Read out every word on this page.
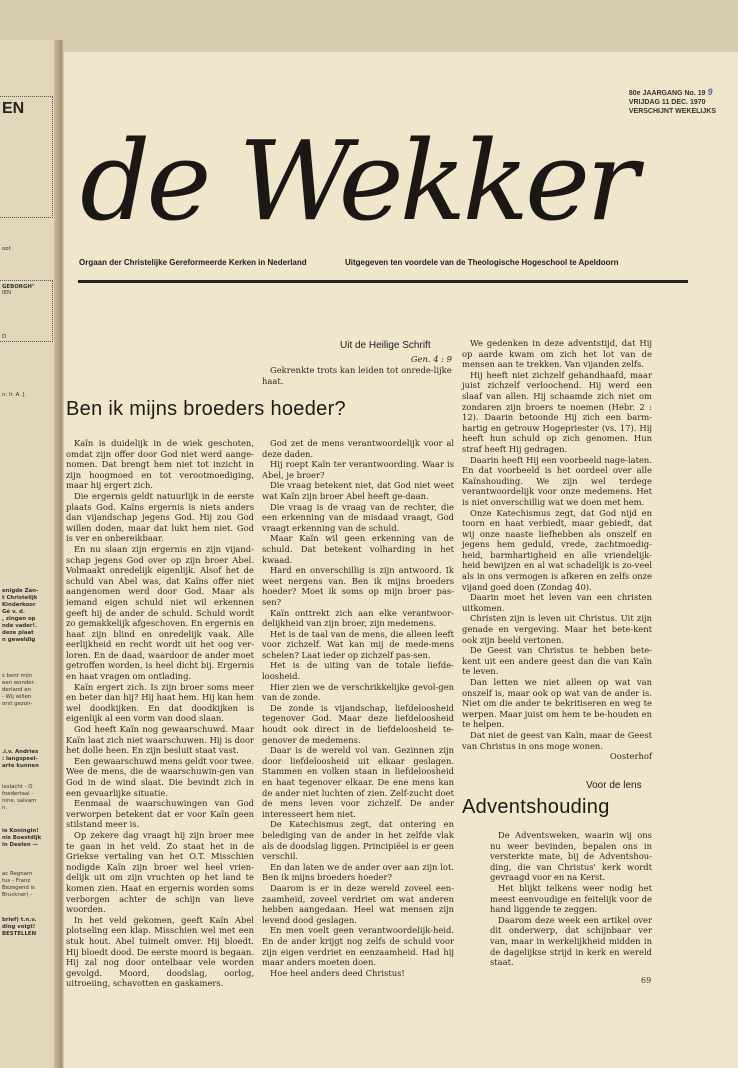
EN

oot

IEN

D

GEBORGH"
n: Ir. A. J.
enigde Zan-
t Christelijk
Kinderkoor
Gé v. d.
, zingen op
nde vader!.
deze plaat
n geweldig
s bent mijn
een wonder.
derland en
- Wij willen
orst gezon-
.i.v. Andries
: langspeel-
arte kunnen
leslacht - O
foedertaal -
nine, salvam
n.
ie Koningin!
nis Boestdijk
in Deelen —
ac Regnam
tus - Franz
Bezegend is
Bruckner) -
brief) t.n.v.
ding volgt!
BESTELLEN
80e JAARGANG No. 19 9
VRIJDAG 11 DEC. 1970
VERSCHIJNT WEKELIJKS
de Wekker
Orgaan der Christelijke Gereformeerde Kerken in Nederland	Uitgegeven ten voordele van de Theologische Hogeschool te Apeldoorn
Uit de Heilige Schrift
Gen. 4 : 9
Gekrenkte trots kan leiden tot onrede-lijke haat.
Ben ik mijns broeders hoeder?

Kaïn is duidelijk in de wiek geschoten, omdat zijn offer door God niet werd aange-nomen. Dat brengt hem niet tot inzicht in zijn hoogmoed en tot verootmoediging, maar hij ergert zich.

Die ergernis geldt natuurlijk in de eerste plaats God. Kaïns ergernis is niets anders dan vijandschap jegens God. Hij zou God willen doden, maar dat lukt hem niet. God is ver en onbereikbaar.

En nu slaan zijn ergernis en zijn vijand-schap jegens God over op zijn broer Abel. Volmaakt onredelijk eigenlijk. Alsof het de schuld van Abel was, dat Kaïns offer niet aangenomen werd door God. Maar als iemand eigen schuld niet wil erkennen geeft hij de ander de schuld. Schuld wordt zo gemakkelijk afgeschoven. En ergernis en haat zijn blind en onredelijk vaak. Alle eerlijkheid en recht wordt uit het oog ver-loren. En de daad, waardoor de ander moet getroffen worden, is heel dicht bij. Ergernis en haat vragen om ontlading.

Kaïn ergert zich. Is zijn broer soms meer en beter dan hij? Hij haat hem. Hij kan hem wel doodkijken. En dat doodkijken is eigenlijk al een vorm van dood slaan.

God heeft Kaïn nog gewaarschuwd. Maar Kaïn laat zich niet waarschuwen. Hij is door het dolle heen. En zijn besluit staat vast.

Een gewaarschuwd mens geldt voor twee. Wee de mens, die de waarschuwin-gen van God in de wind slaat. Die bevindt zich in een gevaarlijke situatie.

Eenmaal de waarschuwingen van God verworpen betekent dat er voor Kaïn geen stilstand meer is.

Op zekere dag vraagt hij zijn broer mee te gaan in het veld. Zo staat het in de Griekse vertaling van het O.T. Misschien nodigde Kaïn zijn broer wel heel vrien-delijk uit om zijn vruchten op het land te komen zien. Haat en ergernis worden soms verborgen achter de schijn van lieve woorden.

In het veld gekomen, geeft Kaïn Abel plotseling een klap. Misschien wel met een stuk hout. Abel tuimelt omver. Hij bloedt. Hij bloedt dood. De eerste moord is begaan. Hij zal nog door ontelbaar vele worden gevolgd. Moord, doodslag, oorlog, uitroeiing, schavotten en gaskamers.

God zet de mens verantwoordelijk voor al deze daden.

Hij roept Kaïn ter verantwoording. Waar is Abel, je broer?

Die vraag betekent niet, dat God niet weet wat Kaïn zijn broer Abel heeft ge-daan.

Die vraag is de vraag van de rechter, die een erkenning van de misdaad vraagt, God vraagt erkenning van de schuld.

Maar Kaïn wil geen erkenning van de schuld. Dat betekent volharding in het kwaad.

Hard en onverschillig is zijn antwoord. Ik weet nergens van. Ben ik mijns broeders hoeder? Moet ik soms op mijn broer pas-sen?

Kaïn onttrekt zich aan elke verantwoor-delijkheid van zijn broer, zijn medemens.

Het is de taal van de mens, die alleen leeft voor zichzelf. Wat kan mij de mede-mens schelen? Laat ieder op zichzelf pas-sen.

Het is de uiting van de totale liefde-loosheid.

Hier zien we de verschrikkelijke gevol-gen van de zonde.

De zonde is vijandschap, liefdeloosheid tegenover God. Maar deze liefdeloosheid houdt ook direct in de liefdeloosheid te-genover de medemens.

Daar is de wereld vol van. Gezinnen zijn door liefdeloosheid uit elkaar geslagen. Stammen en volken staan in liefdeloosheid en haat tegenover elkaar. De ene mens kan de ander niet luchten of zien. Zelf-zucht doet de mens leven voor zichzelf. De ander interesseert hem niet.

De Katechismus zegt, dat ontering en belediging van de ander in het zelfde vlak als de doodslag liggen. Principiëel is er geen verschil.

En dan laten we de ander over aan zijn lot. Ben ik mijns broeders hoeder?

Daarom is er in deze wereld zoveel een-zaamheid, zoveel verdriet om wat anderen hebben aangedaan. Heel wat mensen zijn levend dood geslagen.

En men voelt geen verantwoordelijk-heid. En de ander krijgt nog zelfs de schuld voor zijn eigen verdriet en eenzaamheid. Had hij maar anders moeten doen.

Hoe heel anders deed Christus!

We gedenken in deze adventstijd, dat Hij op aarde kwam om zich het lot van de mensen aan te trekken. Van vijanden zelfs.

Hij heeft niet zichzelf gehandhaafd, maar juist zichzelf verloochend. Hij werd een slaaf van allen. Hij schaamde zich niet om zondaren zijn broers te noemen (Hebr. 2 : 12). Daarin betoonde Hij zich een barm-hartig en getrouw Hogepriester (vs. 17). Hij heeft hun schuld op zich genomen. Hun straf heeft Hij gedragen.

Daarin heeft Hij een voorbeeld nage-laten. En dat voorbeeld is het oordeel over alle Kaïnshouding. We zijn wel terdege verantwoordelijk voor onze medemens. Het is niet onverschillig wat we doen met hem.

Onze Katechismus zegt, dat God nijd en toorn en haat verbiedt, maar gebiedt, dat wij onze naaste liefhebben als onszelf en jegens hem geduld, vrede, zachtmoedig-heid, barmhartigheid en alle vriendelijk-heid bewijzen en al wat schadelijk is zo-veel als in ons vermogen is afkeren en zelfs onze vijand goed doen (Zondag 40).

Daarin moet het leven van een christen uitkomen.

Christen zijn is leven uit Christus. Uit zijn genade en vergeving. Maar het bete-kent ook zijn beeld vertonen.

De Geest van Christus te hebben bete-kent uit een andere geest dan die van Kaïn te leven.

Dan letten we niet alleen op wat van onszelf is, maar ook op wat van de ander is. Niet om die ander te bekritiseren en weg te werpen. Maar juist om hem te be-houden en te helpen.

Dat niet de geest van Kaïn, maar de Geest van Christus in ons moge wonen.

Oosterhof
Voor de lens
Adventshouding

De Adventsweken, waarin wij ons nu weer bevinden, bepalen ons in versterkte mate, bij de Adventshou-ding, die van Christus' kerk wordt gevraagd voor en na Kerst.

Het blijkt telkens weer nodig het meest eenvoudige en feitelijk voor de hand liggende te zeggen.

Daarom deze week een artikel over dit onderwerp, dat schijnbaar ver van, maar in werkelijkheid midden in de dagelijkse strijd in kerk en wereld staat.

69
